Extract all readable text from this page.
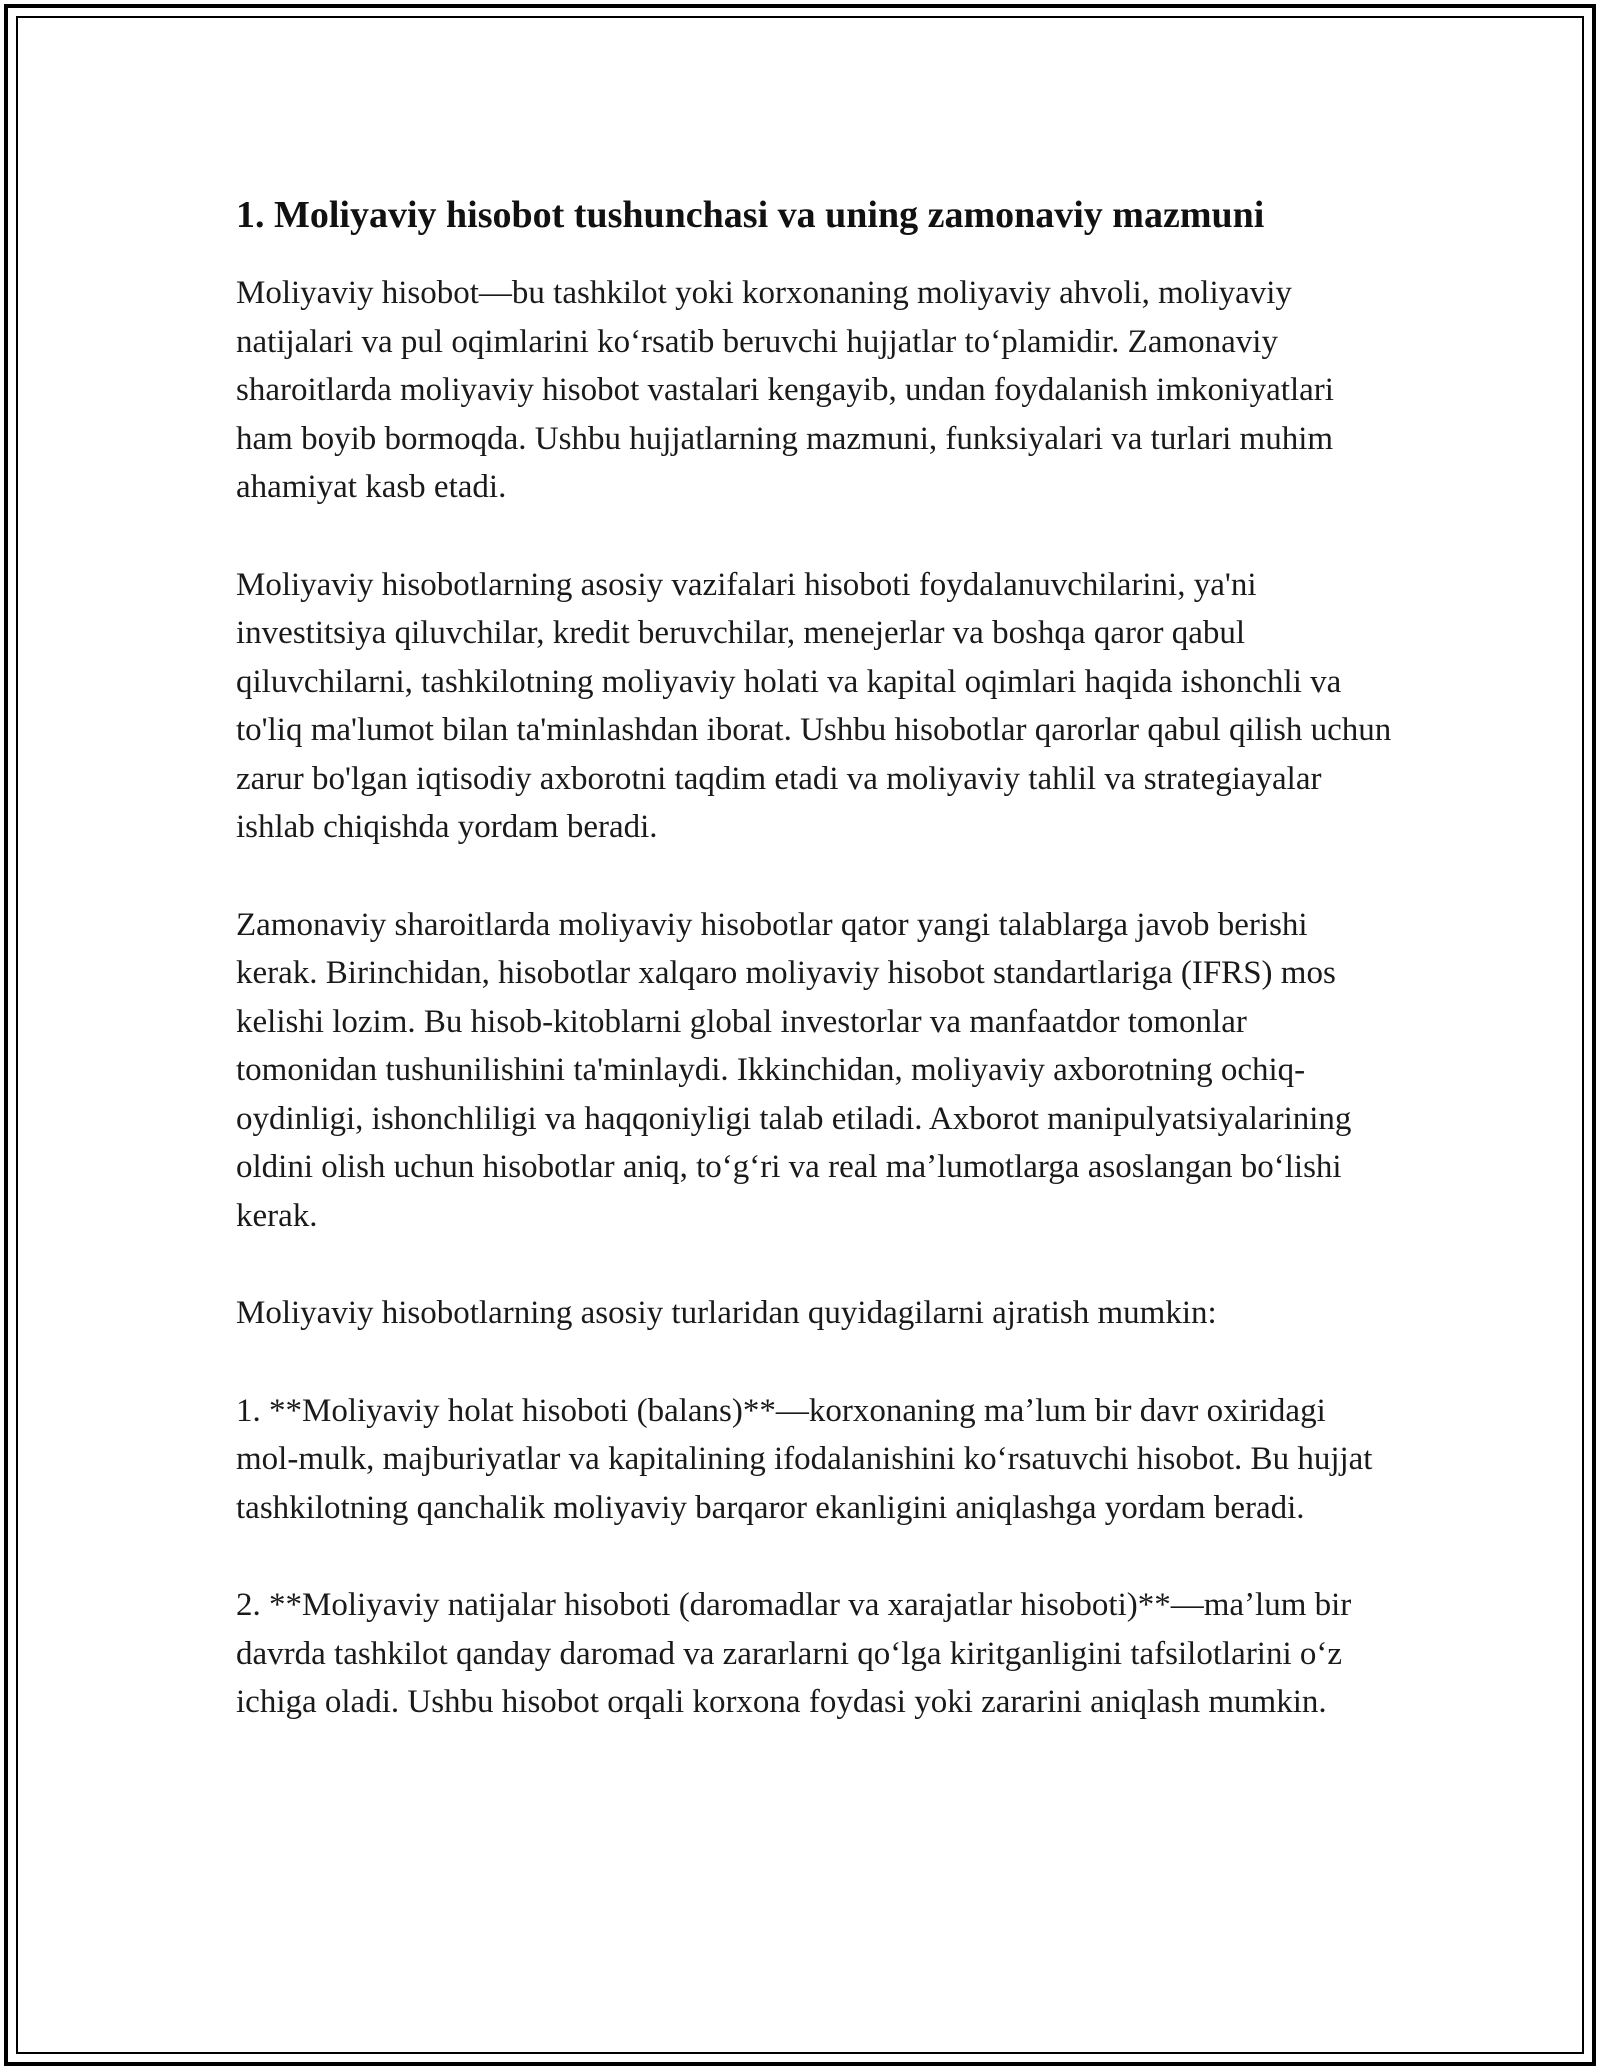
1. Moliyaviy hisobot tushunchasi va uning zamonaviy mazmuni

Moliyaviy hisobot—bu tashkilot yoki korxonaning moliyaviy ahvoli, moliyaviy natijalari va pul oqimlarini koʻrsatib beruvchi hujjatlar toʻplamidir. Zamonaviy sharoitlarda moliyaviy hisobot vastalari kengayib, undan foydalanish imkoniyatlari ham boyib bormoqda. Ushbu hujjatlarning mazmuni, funksiyalari va turlari muhim ahamiyat kasb etadi.

Moliyaviy hisobotlarning asosiy vazifalari hisoboti foydalanuvchilarini, ya'ni investitsiya qiluvchilar, kredit beruvchilar, menejerlar va boshqa qaror qabul qiluvchilarni, tashkilotning moliyaviy holati va kapital oqimlari haqida ishonchli va to'liq ma'lumot bilan ta'minlashdan iborat. Ushbu hisobotlar qarorlar qabul qilish uchun zarur bo'lgan iqtisodiy axborotni taqdim etadi va moliyaviy tahlil va strategiayalar ishlab chiqishda yordam beradi.

Zamonaviy sharoitlarda moliyaviy hisobotlar qator yangi talablarga javob berishi kerak. Birinchidan, hisobotlar xalqaro moliyaviy hisobot standartlariga (IFRS) mos kelishi lozim. Bu hisob-kitoblarni global investorlar va manfaatdor tomonlar tomonidan tushunilishini ta'minlaydi. Ikkinchidan, moliyaviy axborotning ochiq-oydinligi, ishonchliligi va haqqoniyligi talab etiladi. Axborot manipulyatsiyalarining oldini olish uchun hisobotlar aniq, toʻgʻri va real maʼlumotlarga asoslangan boʻlishi kerak.

Moliyaviy hisobotlarning asosiy turlaridan quyidagilarni ajratish mumkin:

1. **Moliyaviy holat hisoboti (balans)**—korxonaning maʼlum bir davr oxiridagi mol-mulk, majburiyatlar va kapitalining ifodalanishini koʻrsatuvchi hisobot. Bu hujjat tashkilotning qanchalik moliyaviy barqaror ekanligini aniqlashga yordam beradi.

2. **Moliyaviy natijalar hisoboti (daromadlar va xarajatlar hisoboti)**—maʼlum bir davrda tashkilot qanday daromad va zararlarni qoʻlga kiritganligini tafsilotlarini oʻz ichiga oladi. Ushbu hisobot orqali korxona foydasi yoki zararini aniqlash mumkin.
